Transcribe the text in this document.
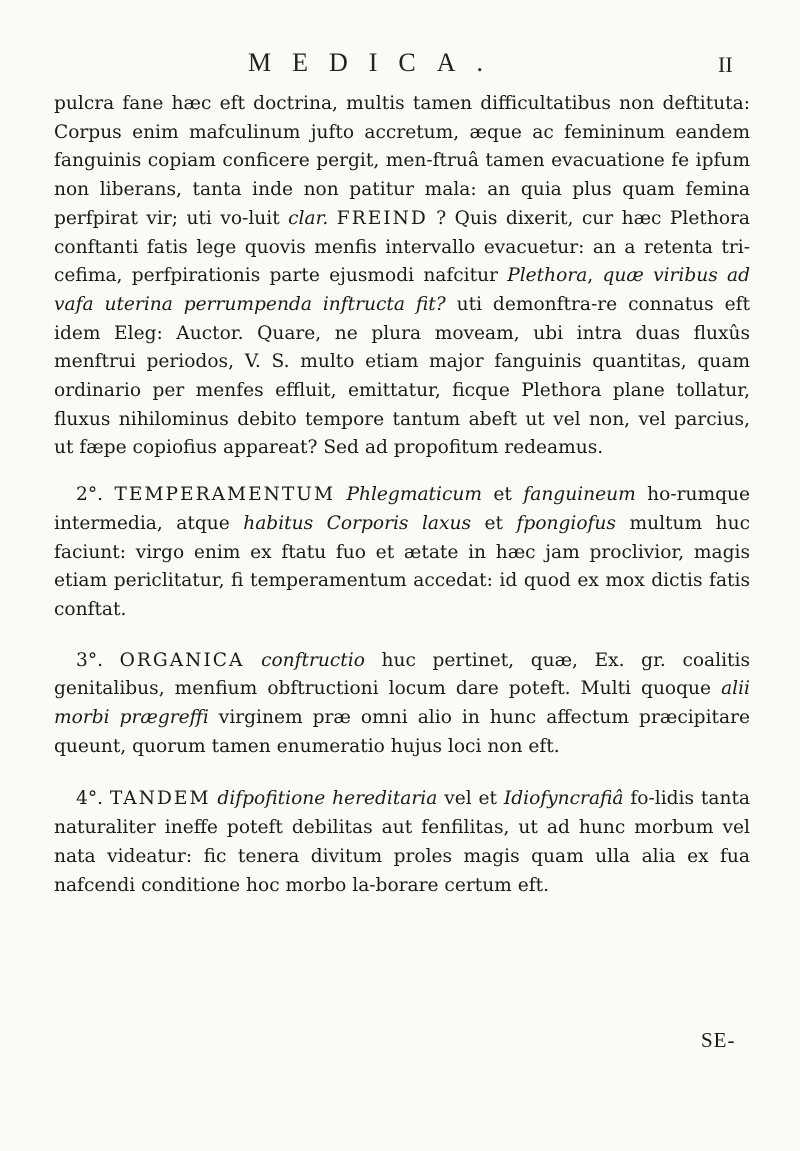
MEDICA.	II

pulcra fane hæc eft doctrina, multis tamen difficultatibus non deftituta: Corpus enim mafculinum jufto accretum, æque ac femininum eandem fanguinis copiam conficere pergit, men-ftruâ tamen evacuatione fe ipfum non liberans, tanta inde non patitur mala: an quia plus quam femina perfpirat vir; uti vo-luit clar. FREIND ? Quis dixerit, cur hæc Plethora conftanti fatis lege quovis menfis intervallo evacuetur: an a retenta tri-cefima, perfpirationis parte ejusmodi nafcitur Plethora, quæ viribus ad vafa uterina perrumpenda inftructa fit? uti demonftra-re connatus eft idem Eleg: Auctor. Quare, ne plura moveam, ubi intra duas fluxûs menftrui periodos, V. S. multo etiam major fanguinis quantitas, quam ordinario per menfes effluit, emittatur, ficque Plethora plane tollatur, fluxus nihilominus debito tempore tantum abeft ut vel non, vel parcius, ut fæpe copiofius appareat? Sed ad propofitum redeamus.

2°. TEMPERAMENTUM Phlegmaticum et fanguineum ho-rumque intermedia, atque habitus Corporis laxus et fpongiofus multum huc faciunt: virgo enim ex ftatu fuo et ætate in hæc jam proclivior, magis etiam periclitatur, fi temperamentum accedat: id quod ex mox dictis fatis conftat.

3°. ORGANICA conftructio huc pertinet, quæ, Ex. gr. coalitis genitalibus, menfium obftructioni locum dare poteft. Multi quoque alii morbi prægreffi virginem præ omni alio in hunc affectum præcipitare queunt, quorum tamen enumeratio hujus loci non eft.

4°. TANDEM difpofitione hereditaria vel et Idiofyncrafiâ fo-lidis tanta naturaliter ineffe poteft debilitas aut fenfilitas, ut ad hunc morbum vel nata videatur: fic tenera divitum proles magis quam ulla alia ex fua nafcendi conditione hoc morbo la-borare certum eft.

SE-
